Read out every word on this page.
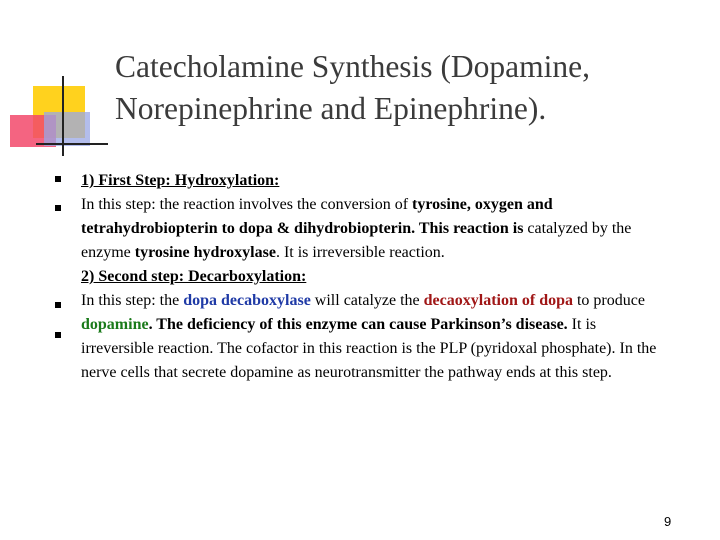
Catecholamine Synthesis (Dopamine,
Norepinephrine and Epinephrine).

1) First Step: Hydroxylation:

In this step: the reaction involves the conversion of tyrosine, oxygen and tetrahydrobiopterin to dopa & dihydrobiopterin. This reaction is catalyzed by the enzyme tyrosine hydroxylase. It is irreversible reaction.

2) Second step: Decarboxylation:

In this step: the dopa decaboxylase will catalyze the decaoxylation of dopa to produce dopamine. The deficiency of this enzyme can cause Parkinson’s disease. It is irreversible reaction. The cofactor in this reaction is the PLP (pyridoxal phosphate). In the nerve cells that secrete dopamine as neurotransmitter the pathway ends at this step.

9
